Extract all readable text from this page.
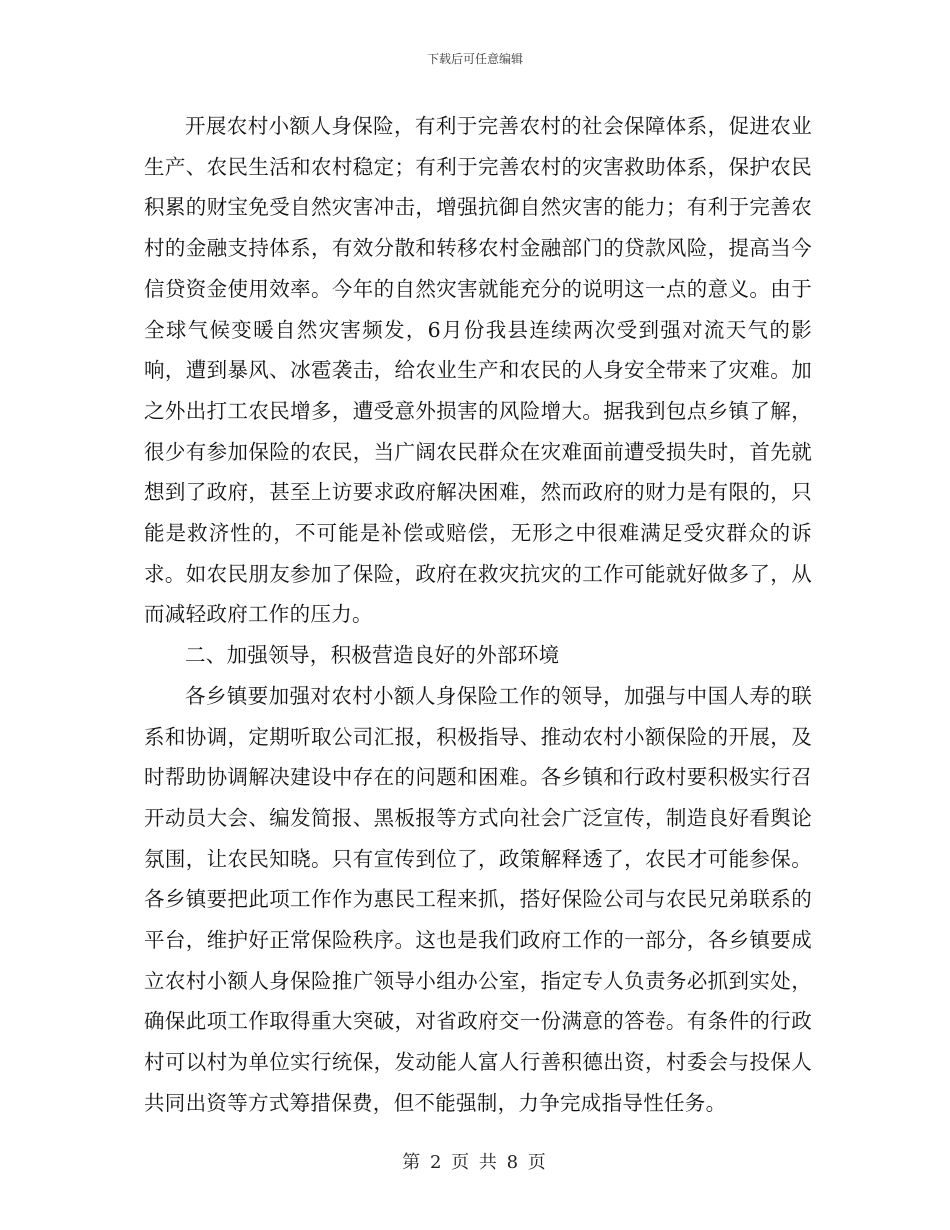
下载后可任意编辑

开展农村小额人身保险，有利于完善农村的社会保障体系，促进农业生产、农民生活和农村稳定；有利于完善农村的灾害救助体系，保护农民积累的财宝免受自然灾害冲击，增强抗御自然灾害的能力；有利于完善农村的金融支持体系，有效分散和转移农村金融部门的贷款风险，提高当今信贷资金使用效率。今年的自然灾害就能充分的说明这一点的意义。由于全球气候变暖自然灾害频发，6月份我县连续两次受到强对流天气的影响，遭到暴风、冰雹袭击，给农业生产和农民的人身安全带来了灾难。加之外出打工农民增多，遭受意外损害的风险增大。据我到包点乡镇了解，很少有参加保险的农民，当广阔农民群众在灾难面前遭受损失时，首先就想到了政府，甚至上访要求政府解决困难，然而政府的财力是有限的，只能是救济性的，不可能是补偿或赔偿，无形之中很难满足受灾群众的诉求。如农民朋友参加了保险，政府在救灾抗灾的工作可能就好做多了，从而减轻政府工作的压力。

二、加强领导，积极营造良好的外部环境

各乡镇要加强对农村小额人身保险工作的领导，加强与中国人寿的联系和协调，定期听取公司汇报，积极指导、推动农村小额保险的开展，及时帮助协调解决建设中存在的问题和困难。各乡镇和行政村要积极实行召开动员大会、编发简报、黑板报等方式向社会广泛宣传，制造良好看舆论氛围，让农民知晓。只有宣传到位了，政策解释透了，农民才可能参保。各乡镇要把此项工作作为惠民工程来抓，搭好保险公司与农民兄弟联系的平台，维护好正常保险秩序。这也是我们政府工作的一部分，各乡镇要成立农村小额人身保险推广领导小组办公室，指定专人负责务必抓到实处，确保此项工作取得重大突破，对省政府交一份满意的答卷。有条件的行政村可以村为单位实行统保，发动能人富人行善积德出资，村委会与投保人共同出资等方式筹措保费，但不能强制，力争完成指导性任务。

第 2 页 共 8 页
